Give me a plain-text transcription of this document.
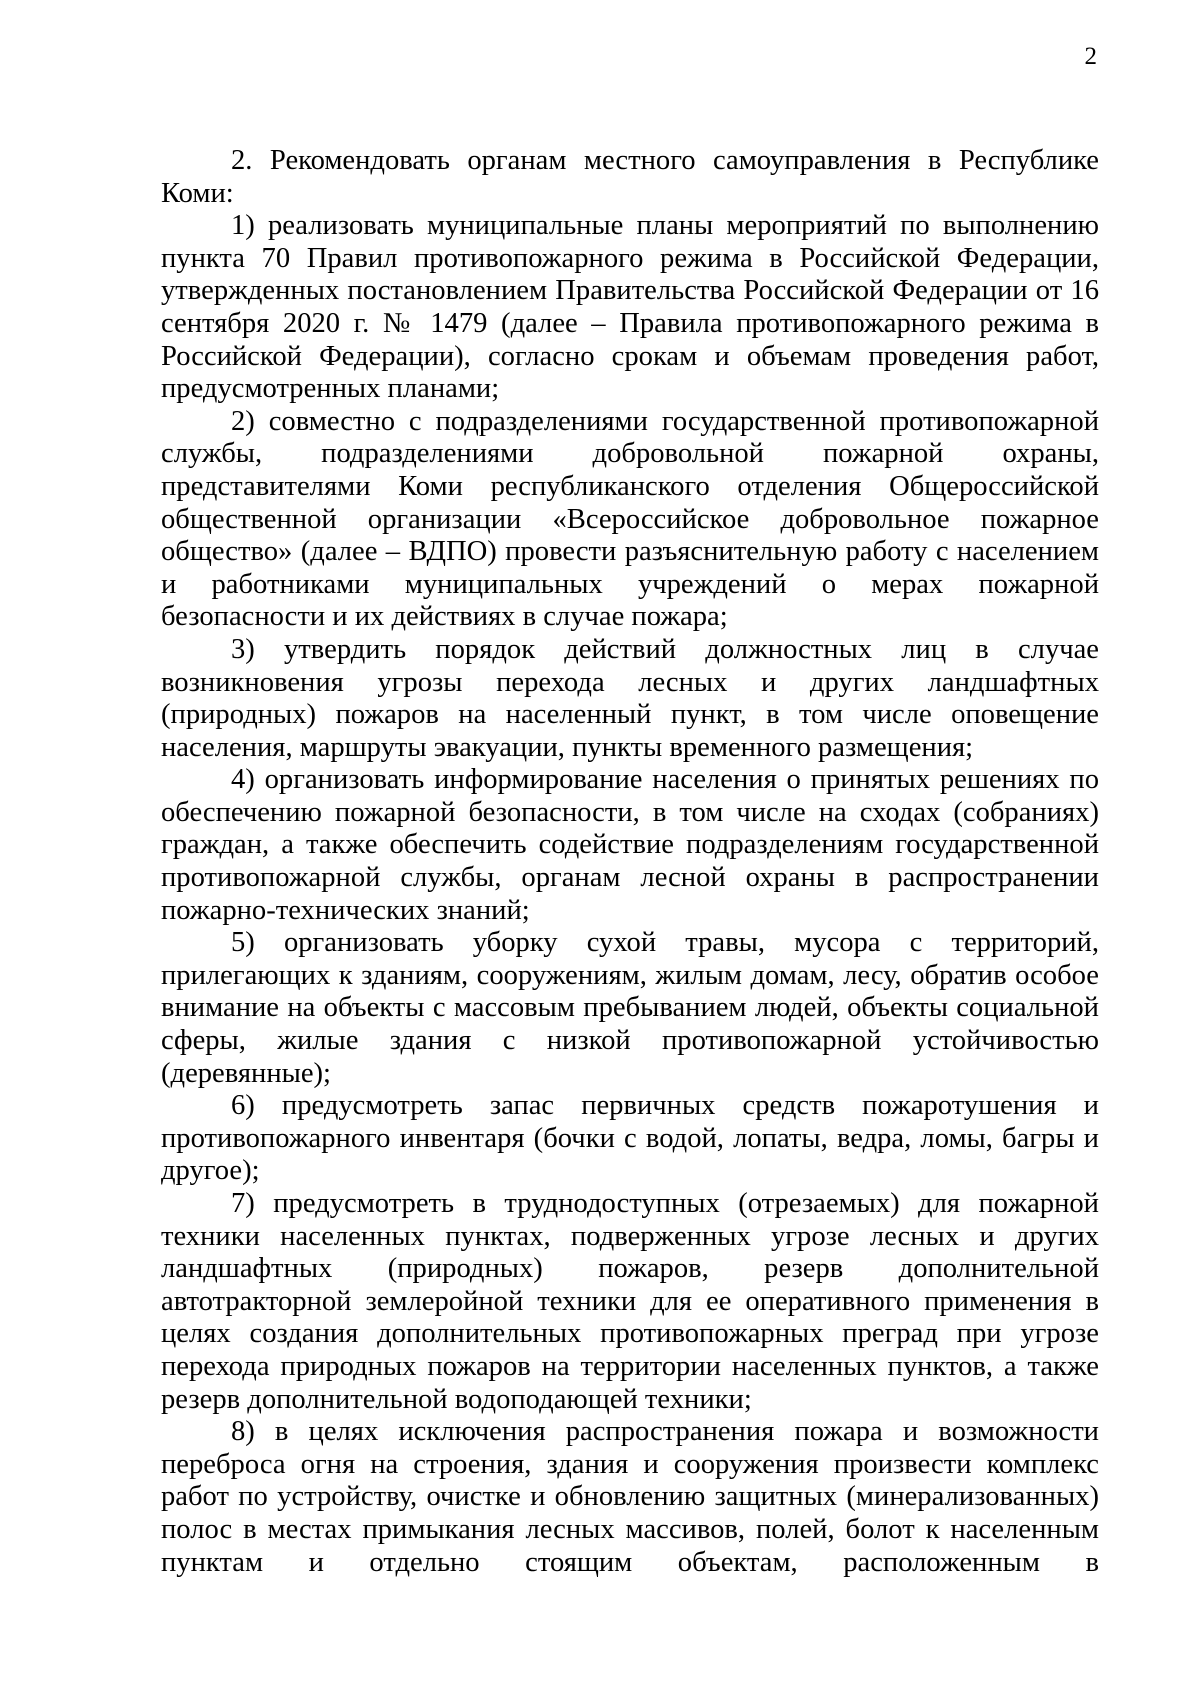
2

2. Рекомендовать органам местного самоуправления в Республике Коми:

1) реализовать муниципальные планы мероприятий по выполнению пункта 70 Правил противопожарного режима в Российской Федерации, утвержденных постановлением Правительства Российской Федерации от 16 сентября 2020 г. № 1479 (далее – Правила противопожарного режима в Российской Федерации), согласно срокам и объемам проведения работ, предусмотренных планами;

2) совместно с подразделениями государственной противопожарной службы, подразделениями добровольной пожарной охраны, представителями Коми республиканского отделения Общероссийской общественной организации «Всероссийское добровольное пожарное общество» (далее – ВДПО) провести разъяснительную работу с населением и работниками муниципальных учреждений о мерах пожарной безопасности и их действиях в случае пожара;

3) утвердить порядок действий должностных лиц в случае возникновения угрозы перехода лесных и других ландшафтных (природных) пожаров на населенный пункт, в том числе оповещение населения, маршруты эвакуации, пункты временного размещения;

4) организовать информирование населения о принятых решениях по обеспечению пожарной безопасности, в том числе на сходах (собраниях) граждан, а также обеспечить содействие подразделениям государственной противопожарной службы, органам лесной охраны в распространении пожарно-технических знаний;

5) организовать уборку сухой травы, мусора с территорий, прилегающих к зданиям, сооружениям, жилым домам, лесу, обратив особое внимание на объекты с массовым пребыванием людей, объекты социальной сферы, жилые здания с низкой противопожарной устойчивостью (деревянные);

6) предусмотреть запас первичных средств пожаротушения и противопожарного инвентаря (бочки с водой, лопаты, ведра, ломы, багры и другое);

7) предусмотреть в труднодоступных (отрезаемых) для пожарной техники населенных пунктах, подверженных угрозе лесных и других ландшафтных (природных) пожаров, резерв дополнительной автотракторной землеройной техники для ее оперативного применения в целях создания дополнительных противопожарных преград при угрозе перехода природных пожаров на территории населенных пунктов, а также резерв дополнительной водоподающей техники;

8) в целях исключения распространения пожара и возможности переброса огня на строения, здания и сооружения произвести комплекс работ по устройству, очистке и обновлению защитных (минерализованных) полос в местах примыкания лесных массивов, полей, болот к населенным пунктам и отдельно стоящим объектам, расположенным в
